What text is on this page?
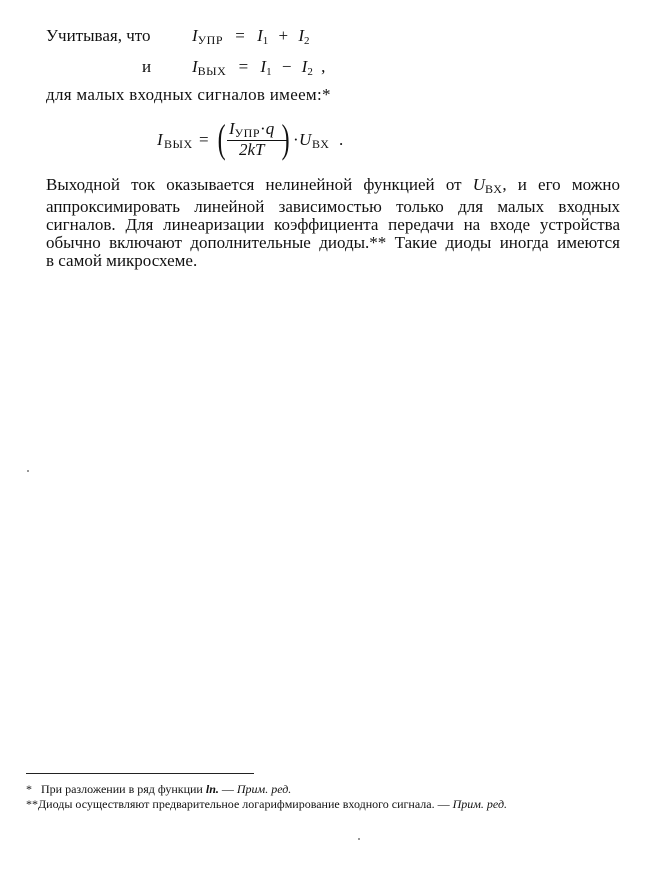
Учитывая, что IУПР = $I_1 + I_2$
и IВЫХ = $I_1 - I_2$ ,
для малых входных сигналов имеем:*
I ВЫХ = ( IУПР·q
2kT ) · U ВХ .
Выходной ток оказывается нелинейной функцией от UВХ, и его можно
аппроксимировать линейной зависимостью только для малых входных
сигналов. Для линеаризации коэффициента передачи на входе устройства
обычно включают дополнительные диоды.** Такие диоды иногда имеются
в самой микросхеме.
* При разложении в ряд функции ln. — Прим. ред.
**Диоды осуществляют предварительное логарифмирование входного сигнала. — Прим. ред.
